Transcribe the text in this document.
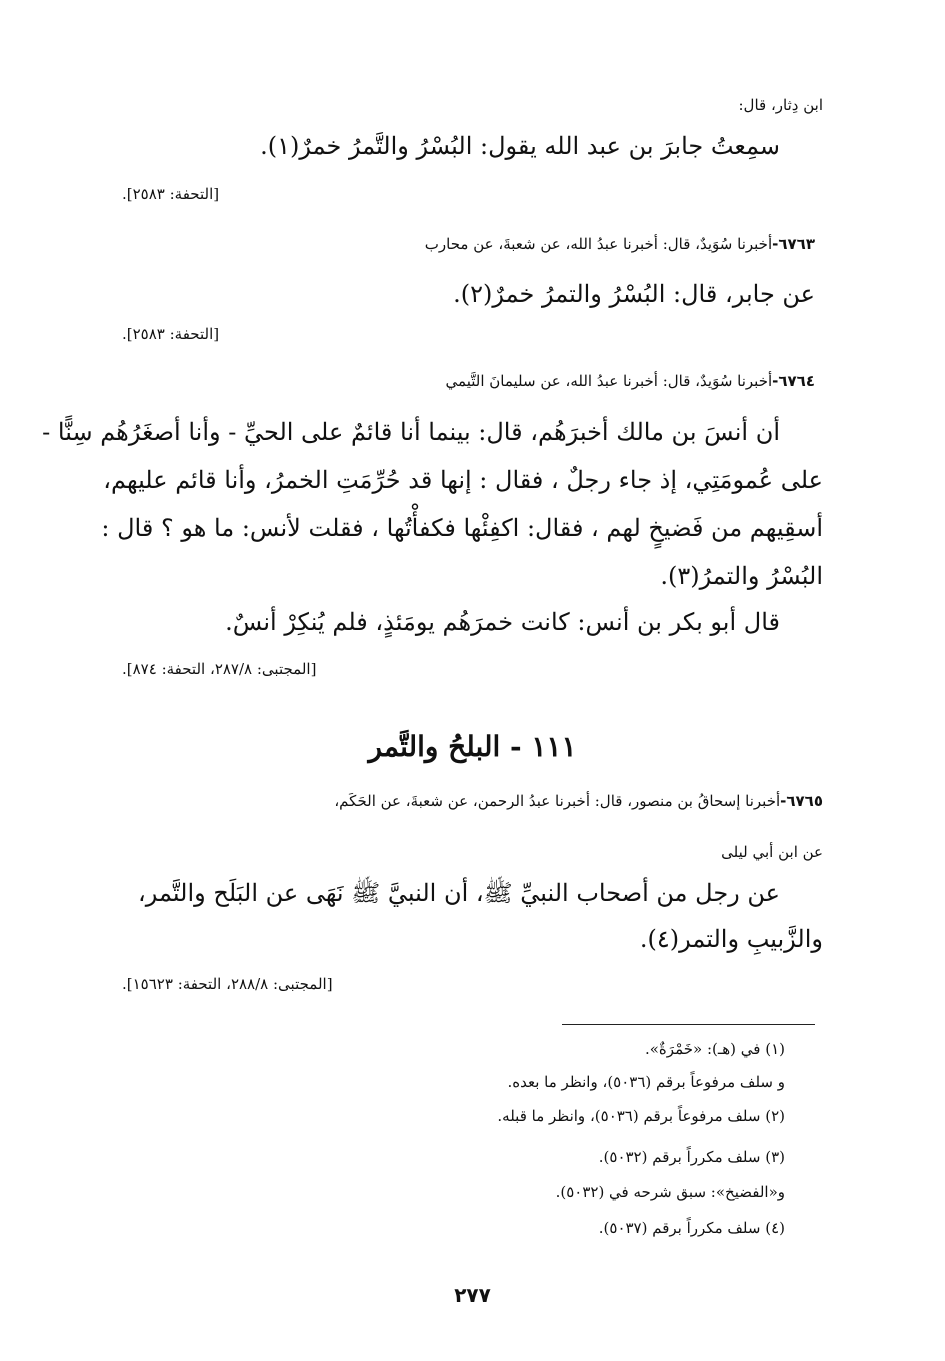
ابن دِثار، قال:
سمِعتُ جابرَ بن عبد الله يقول: البُسْرُ والتَّمرُ خمرٌ(١).
[التحفة: ٢٥٨٣].
٦٧٦٣-أخبرنا سُوَيدٌ، قال: أخبرنا عبدُ الله، عن شعبةَ، عن محارب
عن جابر، قال: البُسْرُ والتمرُ خمرٌ(٢).
[التحفة: ٢٥٨٣].
٦٧٦٤-أخبرنا سُوَيدٌ، قال: أخبرنا عبدُ الله، عن سليمانَ التَّيمي
أن أنسَ بن مالك أخبرَهُم، قال: بينما أنا قائمٌ على الحيِّ - وأنا أصغَرُهُم سِنًّا -
على عُمومَتِي، إذ جاء رجلٌ ، فقال : إنها قد حُرِّمَتِ الخمرُ، وأنا قائم عليهم،
أسقِيهم من فَضيخٍ لهم ، فقال: اكفِئْها فكفأْتُها ، فقلت لأنس: ما هو ؟ قال :
البُسْرُ والتمرُ(٣).
قال أبو بكر بن أنس: كانت خمرَهُم يومَئذٍ، فلم يُنكِرْ أنسٌ.
[المجتبى: ٢٨٧/٨، التحفة: ٨٧٤].
١١١ - البلحُ والتَّمر
٦٧٦٥-أخبرنا إسحاقُ بن منصور، قال: أخبرنا عبدُ الرحمن، عن شعبةَ، عن الحَكَم،
عن ابن أبي ليلى
عن رجل من أصحاب النبيِّ ﷺ، أن النبيَّ ﷺ نَهَى عن البَلَح والتَّمر،
والزَّبيبِ والتمر(٤).
[المجتبى: ٢٨٨/٨، التحفة: ١٥٦٢٣].
(١) في (هـ): «خَمْرَةٌ».
و سلف مرفوعاً برقم (٥٠٣٦)، وانظر ما بعده.
(٢) سلف مرفوعاً برقم (٥٠٣٦)، وانظر ما قبله.
(٣) سلف مكرراً برقم (٥٠٣٢).
و«الفضيخ»: سبق شرحه في (٥٠٣٢).
(٤) سلف مكرراً برقم (٥٠٣٧).
٢٧٧
